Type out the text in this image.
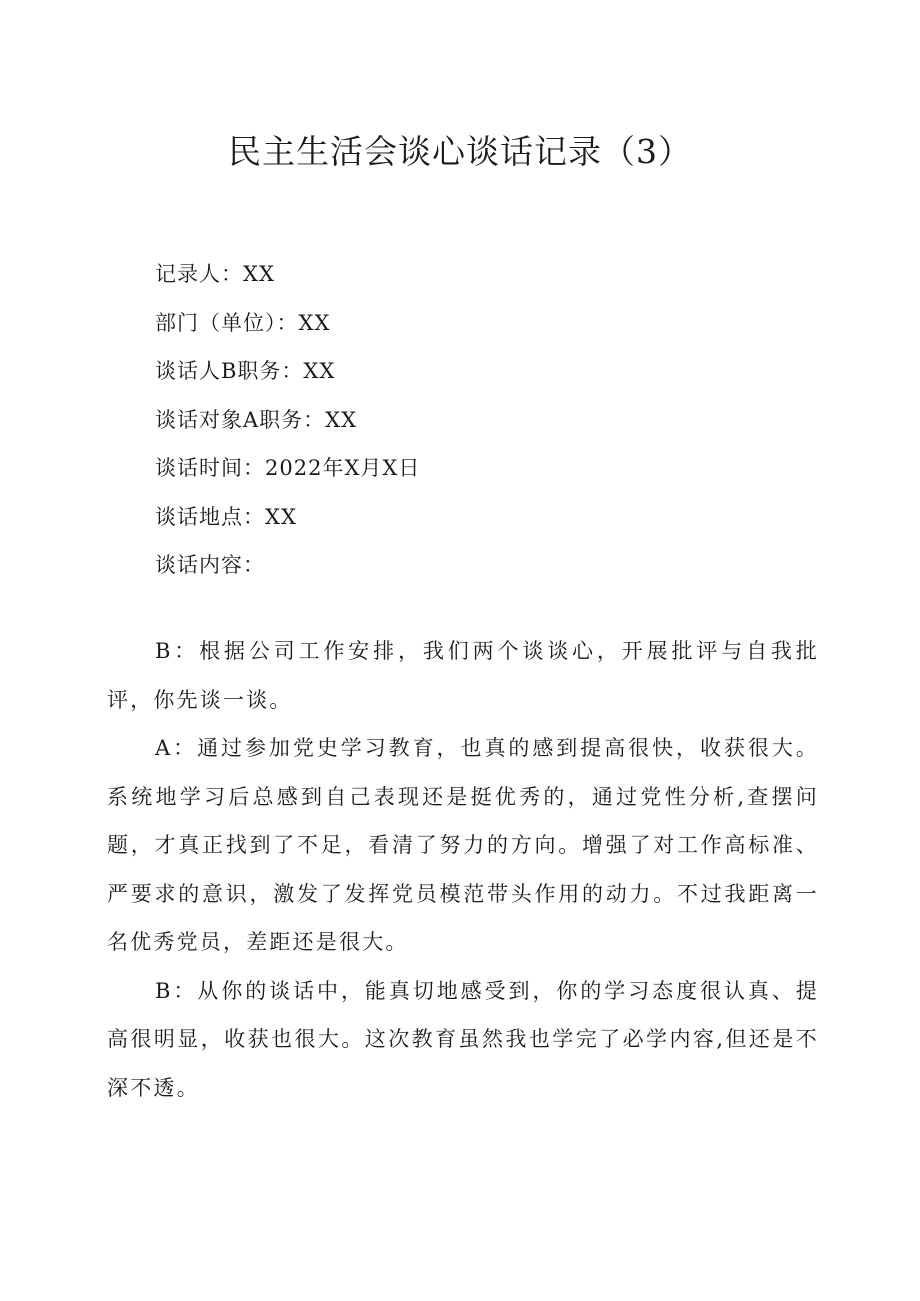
民主生活会谈心谈话记录（3）
记录人：XX
部门（单位）：XX
谈话人B职务：XX
谈话对象A职务：XX
谈话时间：2022年X月X日
谈话地点：XX
谈话内容：

B：根据公司工作安排，我们两个谈谈心，开展批评与自我批评，你先谈一谈。

A：通过参加党史学习教育，也真的感到提高很快，收获很大。系统地学习后总感到自己表现还是挺优秀的，通过党性分析,查摆问题，才真正找到了不足，看清了努力的方向。增强了对工作高标准、严要求的意识，激发了发挥党员模范带头作用的动力。不过我距离一名优秀党员，差距还是很大。

B：从你的谈话中，能真切地感受到，你的学习态度很认真、提高很明显，收获也很大。这次教育虽然我也学完了必学内容,但还是不深不透。
